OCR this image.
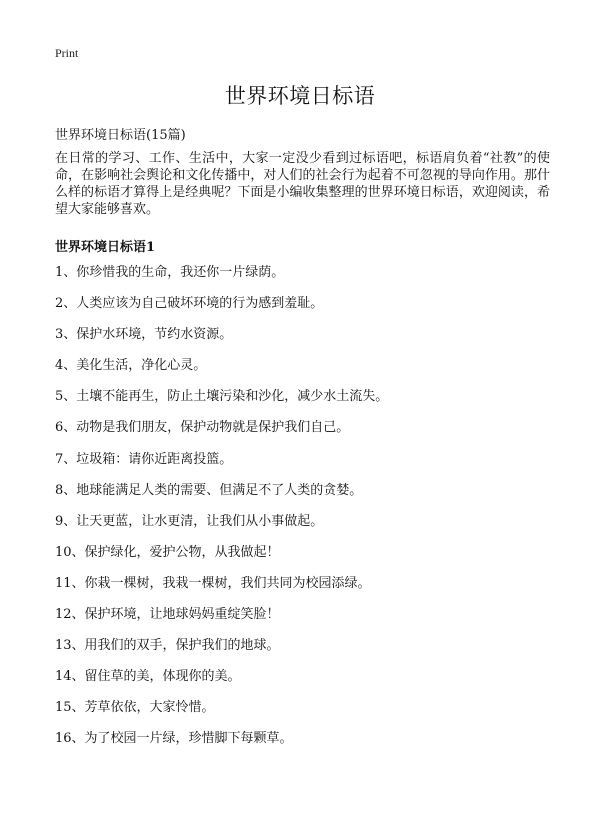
Print
世界环境日标语

世界环境日标语(15篇)

在日常的学习、工作、生活中，大家一定没少看到过标语吧，标语肩负着“社教”的使命，在影响社会舆论和文化传播中，对人们的社会行为起着不可忽视的导向作用。那什么样的标语才算得上是经典呢？下面是小编收集整理的世界环境日标语，欢迎阅读，希望大家能够喜欢。

世界环境日标语1
1、你珍惜我的生命，我还你一片绿荫。
2、人类应该为自己破坏环境的行为感到羞耻。
3、保护水环境，节约水资源。
4、美化生活，净化心灵。
5、土壤不能再生，防止土壤污染和沙化，减少水土流失。
6、动物是我们朋友，保护动物就是保护我们自己。
7、垃圾箱：请你近距离投篮。
8、地球能满足人类的需要、但满足不了人类的贪婪。
9、让天更蓝，让水更清，让我们从小事做起。
10、保护绿化，爱护公物，从我做起！
11、你栽一棵树，我栽一棵树，我们共同为校园添绿。
12、保护环境，让地球妈妈重绽笑脸！
13、用我们的双手，保护我们的地球。
14、留住草的美，体现你的美。
15、芳草依依，大家怜惜。
16、为了校园一片绿，珍惜脚下每颗草。
